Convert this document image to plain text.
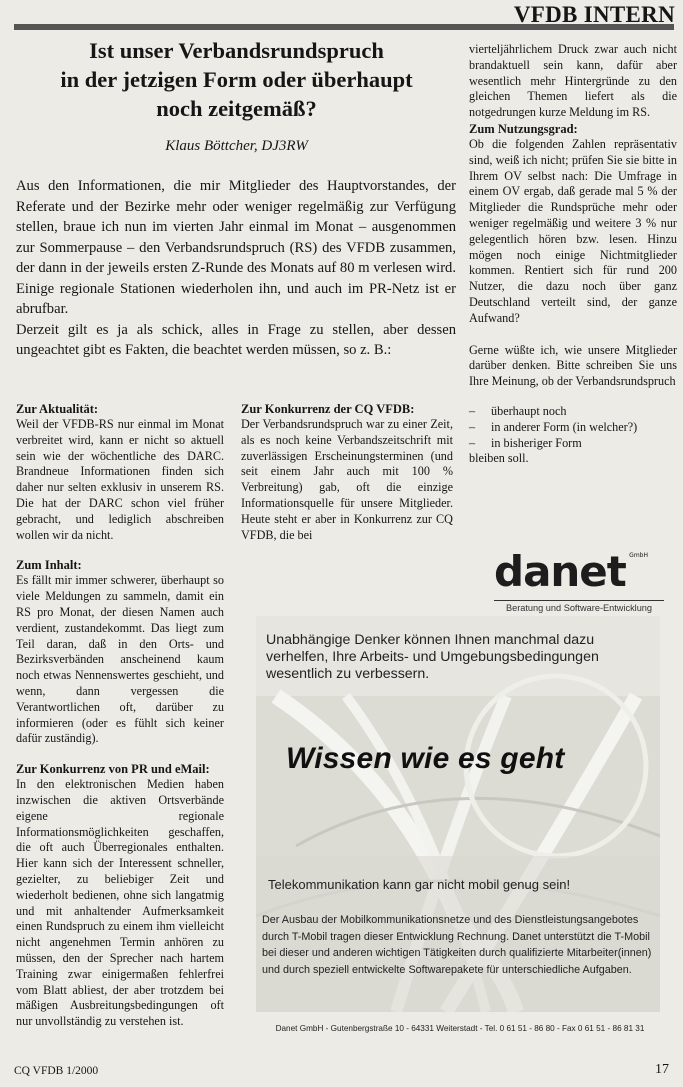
VFDB INTERN
Ist unser Verbandsrundspruch
in der jetzigen Form oder überhaupt
noch zeitgemäß?
Klaus Böttcher, DJ3RW

Aus den Informationen, die mir Mitglieder des Hauptvorstandes, der Referate und der Bezirke mehr oder weniger regelmäßig zur Verfügung stellen, braue ich nun im vierten Jahr einmal im Monat – ausgenommen zur Sommerpause – den Verbandsrundspruch (RS) des VFDB zusammen, der dann in der jeweils ersten Z-Runde des Monats auf 80 m verlesen wird. Einige regionale Stationen wiederholen ihn, und auch im PR-Netz ist er abrufbar.

Derzeit gilt es ja als schick, alles in Frage zu stellen, aber dessen ungeachtet gibt es Fakten, die beachtet werden müssen, so z. B.:

Zur Aktualität:

Weil der VFDB-RS nur einmal im Monat verbreitet wird, kann er nicht so aktuell sein wie der wöchentliche des DARC. Brandneue Informationen finden sich daher nur selten exklusiv in unserem RS. Die hat der DARC schon viel früher gebracht, und lediglich abschreiben wollen wir da nicht.

Zum Inhalt:

Es fällt mir immer schwerer, überhaupt so viele Meldungen zu sammeln, damit ein RS pro Monat, der diesen Namen auch verdient, zustandekommt. Das liegt zum Teil daran, daß in den Orts- und Bezirksverbänden anscheinend kaum noch etwas Nennenswertes geschieht, und wenn, dann vergessen die Verantwortlichen oft, darüber zu informieren (oder es fühlt sich keiner dafür zuständig).

Zur Konkurrenz von PR und eMail:

In den elektronischen Medien haben inzwischen die aktiven Ortsverbände eigene regionale Informationsmöglichkeiten geschaffen, die oft auch Überregionales enthalten. Hier kann sich der Interessent schneller, gezielter, zu beliebiger Zeit und wiederholt bedienen, ohne sich langatmig und mit anhaltender Aufmerksamkeit einen Rundspruch zu einem ihm vielleicht nicht angenehmen Termin anhören zu müssen, den der Sprecher nach hartem Training zwar einigermaßen fehlerfrei vom Blatt abliest, der aber trotzdem bei mäßigen Ausbreitungsbedingungen oft nur unvollständig zu verstehen ist.

Zur Konkurrenz der CQ VFDB:

Der Verbandsrundspruch war zu einer Zeit, als es noch keine Verbandszeitschrift mit zuverlässigen Erscheinungsterminen (und seit einem Jahr auch mit 100 % Verbreitung) gab, oft die einzige Informationsquelle für unsere Mitglieder. Heute steht er aber in Konkurrenz zur CQ VFDB, die bei

vierteljährlichem Druck zwar auch nicht brandaktuell sein kann, dafür aber wesentlich mehr Hintergründe zu den gleichen Themen liefert als die notgedrungen kurze Meldung im RS.

Zum Nutzungsgrad:

Ob die folgenden Zahlen repräsentativ sind, weiß ich nicht; prüfen Sie sie bitte in Ihrem OV selbst nach: Die Umfrage in einem OV ergab, daß gerade mal 5 % der Mitglieder die Rundsprüche mehr oder weniger regelmäßig und weitere 3 % nur gelegentlich hören bzw. lesen. Hinzu mögen noch einige Nichtmitglieder kommen. Rentiert sich für rund 200 Nutzer, die dazu noch über ganz Deutschland verteilt sind, der ganze Aufwand?

Gerne wüßte ich, wie unsere Mitglieder darüber denken. Bitte schreiben Sie uns Ihre Meinung, ob der Verbandsrundspruch

–	überhaupt noch
–	in anderer Form (in welcher?)
–	in bisheriger Form

bleiben soll.

danet GmbH
Beratung und Software-Entwicklung
Unabhängige Denker können Ihnen manchmal dazu verhelfen, Ihre Arbeits- und Umgebungsbedingungen wesentlich zu verbessern.
Wissen wie es geht
Telekommunikation kann gar nicht mobil genug sein!
Der Ausbau der Mobilkommunikationsnetze und des Dienstleistungsangebotes durch T-Mobil tragen dieser Entwicklung Rechnung. Danet unterstützt die T-Mobil bei dieser und anderen wichtigen Tätigkeiten durch qualifizierte Mitarbeiter(innen) und durch speziell entwickelte Softwarepakete für unterschiedliche Aufgaben.
Danet GmbH - Gutenbergstraße 10 - 64331 Weiterstadt - Tel. 0 61 51 - 86 80 - Fax 0 61 51 - 86 81 31
CQ VFDB 1/2000	17
